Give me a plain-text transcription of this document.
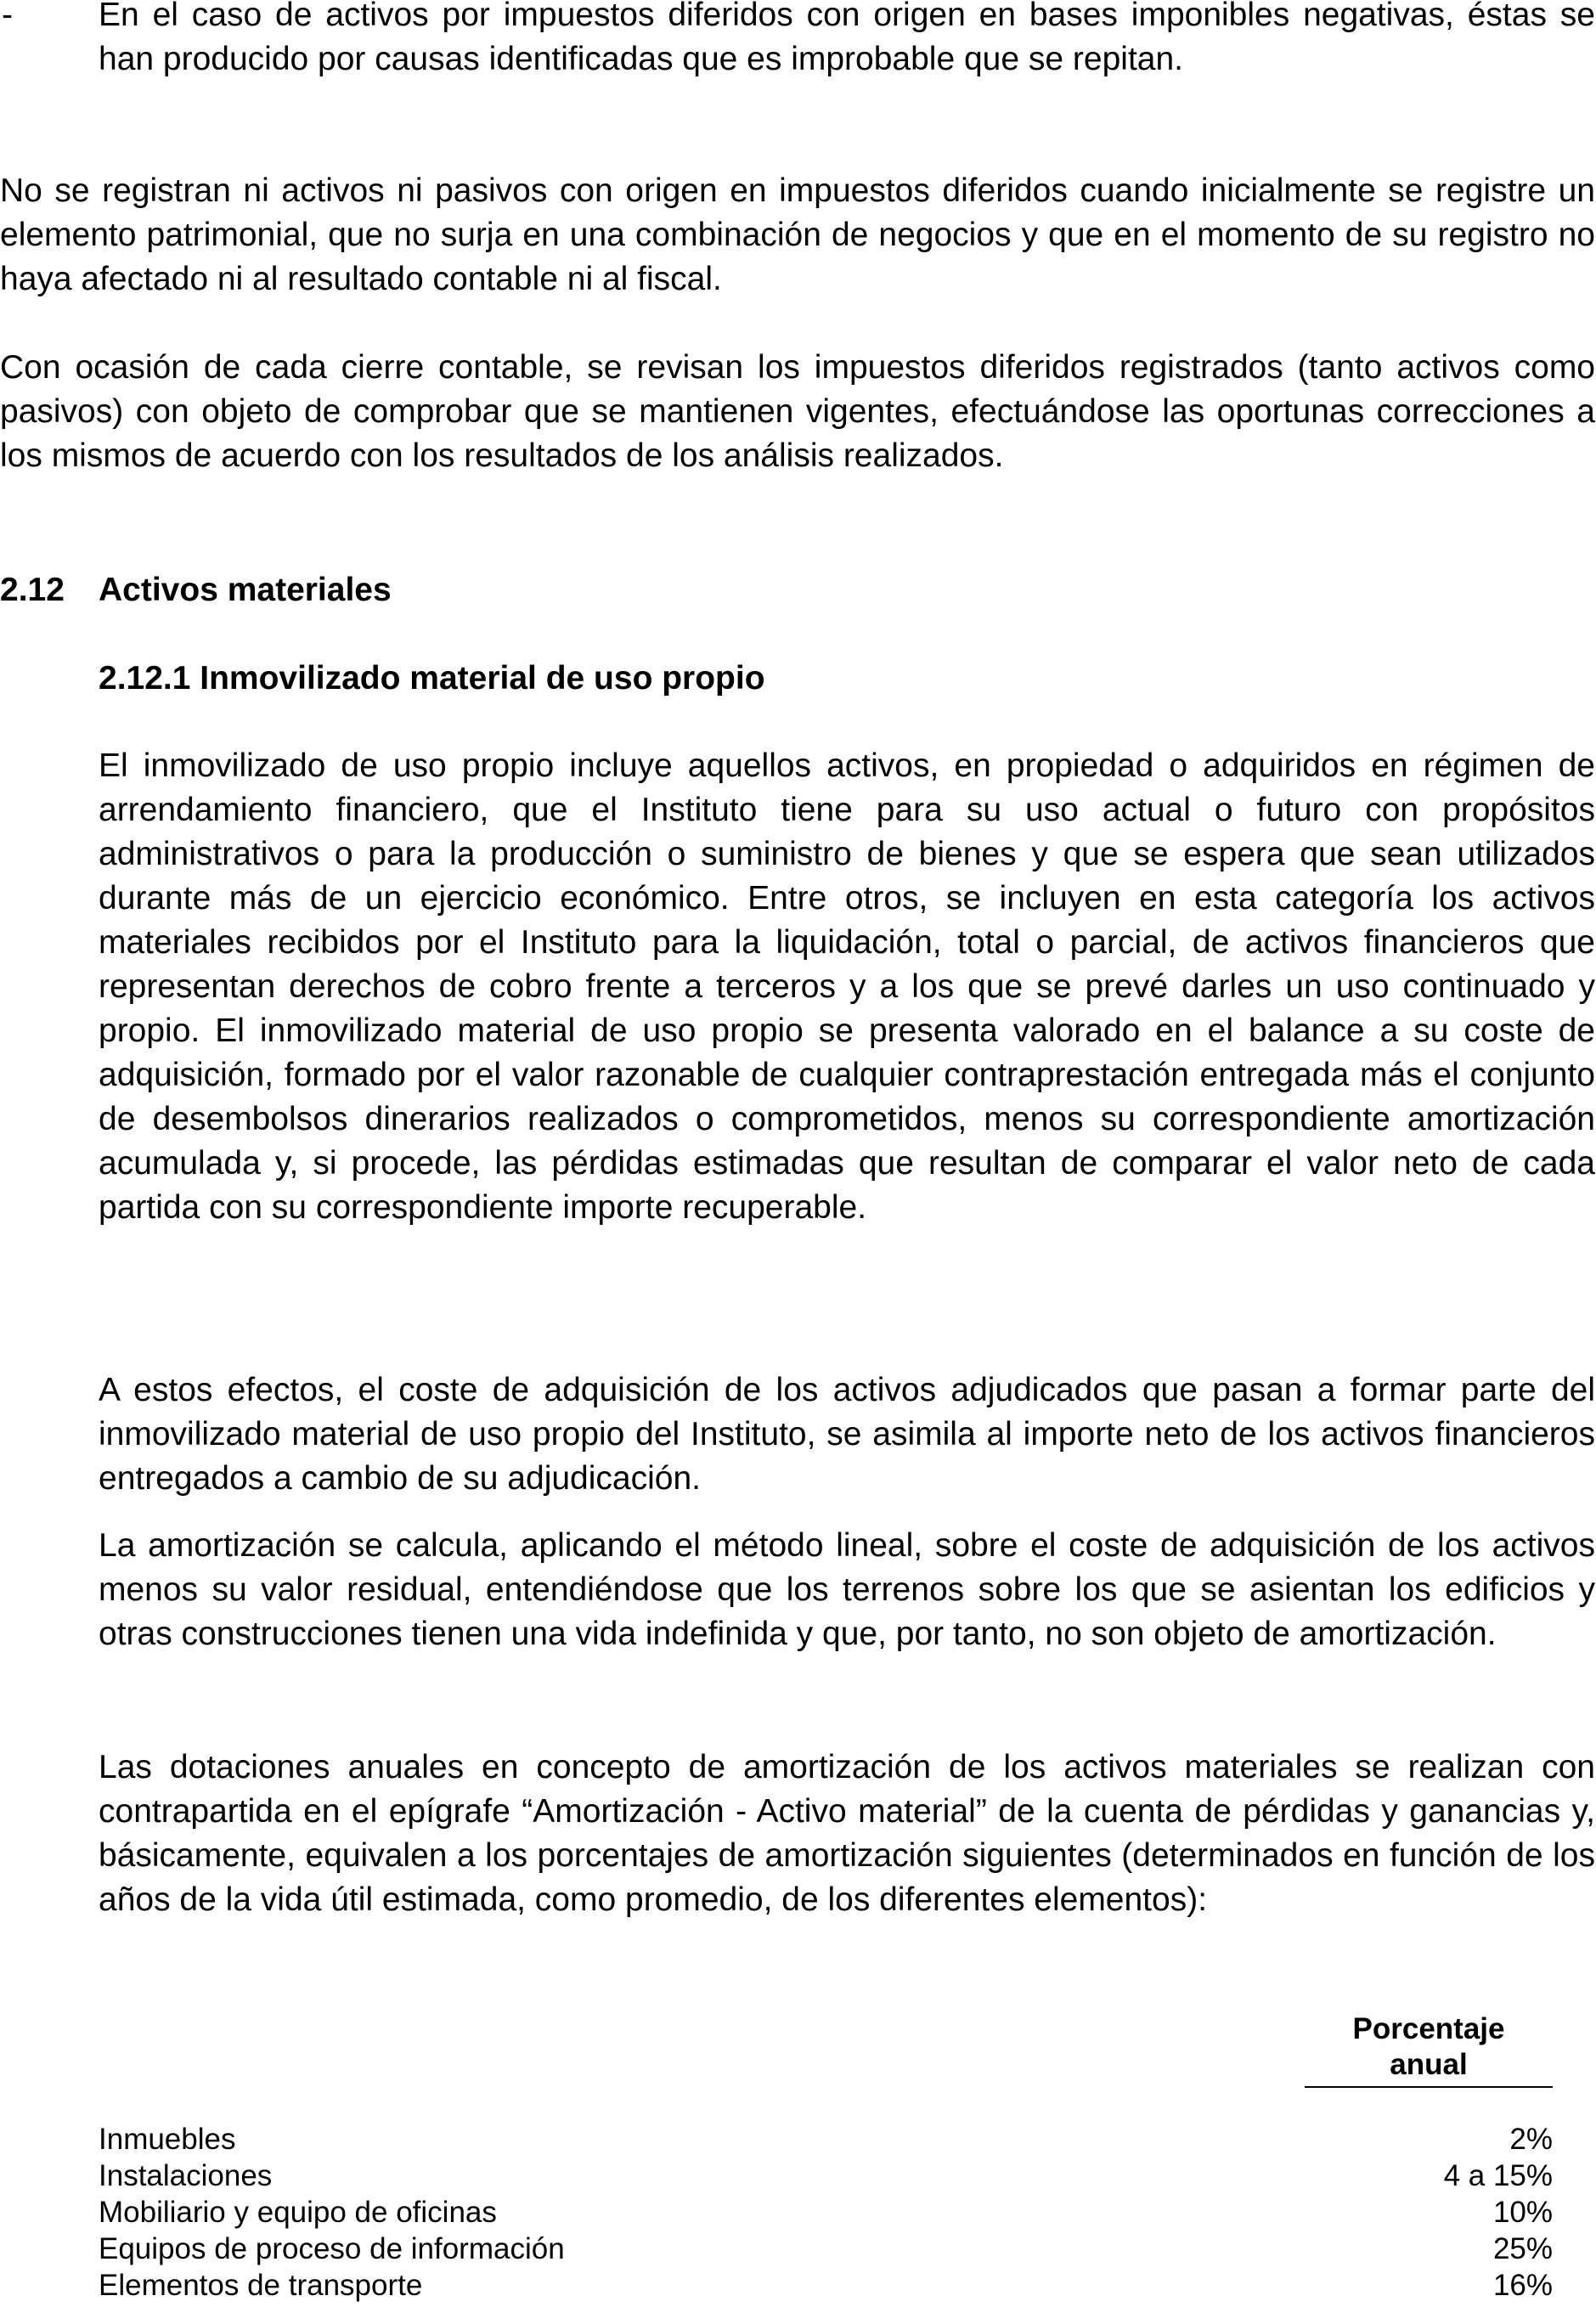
-	En el caso de activos por impuestos diferidos con origen en bases imponibles negativas, éstas se han producido por causas identificadas que es improbable que se repitan.

No se registran ni activos ni pasivos con origen en impuestos diferidos cuando inicialmente se registre un elemento patrimonial, que no surja en una combinación de negocios y que en el momento de su registro no haya afectado ni al resultado contable ni al fiscal.

Con ocasión de cada cierre contable, se revisan los impuestos diferidos registrados (tanto activos como pasivos) con objeto de comprobar que se mantienen vigentes, efectuándose las oportunas correcciones a los mismos de acuerdo con los resultados de los análisis realizados.

2.12 Activos materiales
2.12.1 Inmovilizado material de uso propio

El inmovilizado de uso propio incluye aquellos activos, en propiedad o adquiridos en régimen de arrendamiento financiero, que el Instituto tiene para su uso actual o futuro con propósitos administrativos o para la producción o suministro de bienes y que se espera que sean utilizados durante más de un ejercicio económico. Entre otros, se incluyen en esta categoría los activos materiales recibidos por el Instituto para la liquidación, total o parcial, de activos financieros que representan derechos de cobro frente a terceros y a los que se prevé darles un uso continuado y propio. El inmovilizado material de uso propio se presenta valorado en el balance a su coste de adquisición, formado por el valor razonable de cualquier contraprestación entregada más el conjunto de desembolsos dinerarios realizados o comprometidos, menos su correspondiente amortización acumulada y, si procede, las pérdidas estimadas que resultan de comparar el valor neto de cada partida con su correspondiente importe recuperable.

A estos efectos, el coste de adquisición de los activos adjudicados que pasan a formar parte del inmovilizado material de uso propio del Instituto, se asimila al importe neto de los activos financieros entregados a cambio de su adjudicación.

La amortización se calcula, aplicando el método lineal, sobre el coste de adquisición de los activos menos su valor residual, entendiéndose que los terrenos sobre los que se asientan los edificios y otras construcciones tienen una vida indefinida y que, por tanto, no son objeto de amortización.

Las dotaciones anuales en concepto de amortización de los activos materiales se realizan con contrapartida en el epígrafe “Amortización - Activo material” de la cuenta de pérdidas y ganancias y, básicamente, equivalen a los porcentajes de amortización siguientes (determinados en función de los años de la vida útil estimada, como promedio, de los diferentes elementos):

Porcentaje
anual
Inmuebles	2%
Instalaciones	4 a 15%
Mobiliario y equipo de oficinas	10%
Equipos de proceso de información	25%
Elementos de transporte	16%
